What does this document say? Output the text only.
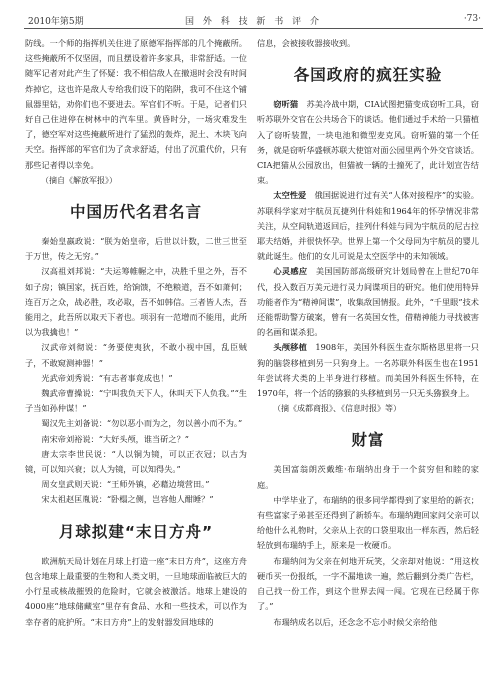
2010年第5期	国 外 科 技 新 书 评 介	·73·

防线。一个师的指挥机关住进了原德军指挥部的几个掩蔽所。这些掩蔽所不仅坚固，而且摆设着许多家具，非常舒适。一位随军记者对此产生了怀疑：我不相信敌人在撤退时会没有时间炸掉它，这也许是敌人专给我们设下的陷阱，我可不住这个铺鼠器里钻，劝你们也不要进去。军官们不听。于是，记者们只好自己住进停在树林中的汽车里。黄昏时分，一场灾难发生了，德空军对这些掩蔽所进行了猛烈的轰炸，泥土、木块飞向天空。指挥部的军官们为了贪求舒适，付出了沉重代价，只有那些记者得以幸免。

（摘自《解放军报》）

中国历代名君名言

秦始皇嬴政说：“朕为始皇帝，后世以计数，二世三世至于万世，传之无穷。”

汉高祖刘邦说：“夫运筹帷幄之中，决胜千里之外，吾不如子房；镇国家，抚百姓，给饷馈，不绝粮道，吾不如萧何；连百万之众，战必胜，攻必取，吾不如韩信。三者皆人杰，吾能用之，此吾所以取天下者也。项羽有一范增而不能用，此所以为我擒也！”

汉武帝刘彻说：“务要使夷狄，不敢小视中国，乱臣贼子，不敢窥测神器！”

光武帝刘秀说：“有志者事竟成也！”

魏武帝曹操说：“宁叫我负天下人，休叫天下人负我。”“生子当如孙仲谋！”

蜀汉先主刘备说：“勿以恶小而为之，勿以善小而不为。”

南宋帝刘裕说：“大好头颅，谁当斫之？”

唐太宗李世民说：“人以铜为镜，可以正衣冠；以古为镜，可以知兴衰；以人为镜，可以知得失。”

周女皇武则天说：“王师外镇，必藉边境营田。”

宋太祖赵匡胤说：“卧榻之侧，岂容他人酣睡？”

月球拟建“末日方舟”

欧洲航天局计划在月球上打造一座“末日方舟”，这座方舟包含地球上最重要的生物和人类文明，一旦地球面临被巨大的小行星或核战摧毁的危险时，它就会被激活。地球上建设的4000座“地球储藏室”里存有食品、水和一些技术，可以作为幸存者的庇护所。“末日方舟”上的发射器发回地球的

信息，会被接收器接收到。

各国政府的疯狂实验

窃听猫　 苏美冷战中期，CIA试图把猫变成窃听工具，窃听苏联外交官在公共场合下的谈话。他们通过手术给一只猫植入了窃听装置，一块电池和微型麦克风。窃听猫的第一个任务，就是窃听华盛顿苏联大使馆对面公园里两个外交官谈话。CIA把猫从公园放出，但猫被一辆的士撞死了，此计划宣告结束。

太空性爱　 俄国据说进行过有关“人体对接程序”的实验。苏联科学家对宇航员瓦捷列什科娃和1964年的怀孕情况非常关注，从空间轨道返回后，挂列什科娃与同为宇航员的尼古拉耶夫结婚，并很快怀孕。世界上第一个父母同为宇航员的婴儿就此诞生。他们的女儿可说是太空医学中的未知领域。

心灵感应　 美国国防部高级研究计划局曾在上世纪70年代，投入数百万美元进行灵力间谍项目的研究。他们使用特异功能者作为“精神间谍”，收集敌国情报。此外，“千里眼”技术还能帮助警方破案，曾有一名英国女性，借精神能力寻找被害的名画和谋杀犯。

头颅移植　 1908年，美国外科医生查尔斯格思里将一只狗的脑袋移植到另一只狗身上。一名苏联外科医生也在1951年尝试将犬类的上半身进行移植。而美国外科医生怀特，在1970年，将一个活的猕猴的头移植到另一只无头猕猴身上。

（摘《成都商报》、《信息时报》等）

财富

美国富翁朗茨戴维·布瑞纳出身于一个贫穷但和睦的家庭。

中学毕业了，布瑞纳的很多同学都得到了家里给的新衣；有些富家子弟甚至还得到了新轿车。布瑞纳跑回家问父亲可以给他什么礼物时，父亲从上衣的口袋里取出一样东西，然后轻轻放到布瑞纳手上，原来是一枚硬币。

布瑞纳问为父亲在何地开玩笑，父亲却对他说：“用这枚硬币买一份报纸，一字不漏地读一遍，然后翻到分类广告栏，自己找一份工作，到这个世界去闯一闯。它现在已经属于你了。”

布瑞纳成名以后，还念念不忘小时候父亲给他
